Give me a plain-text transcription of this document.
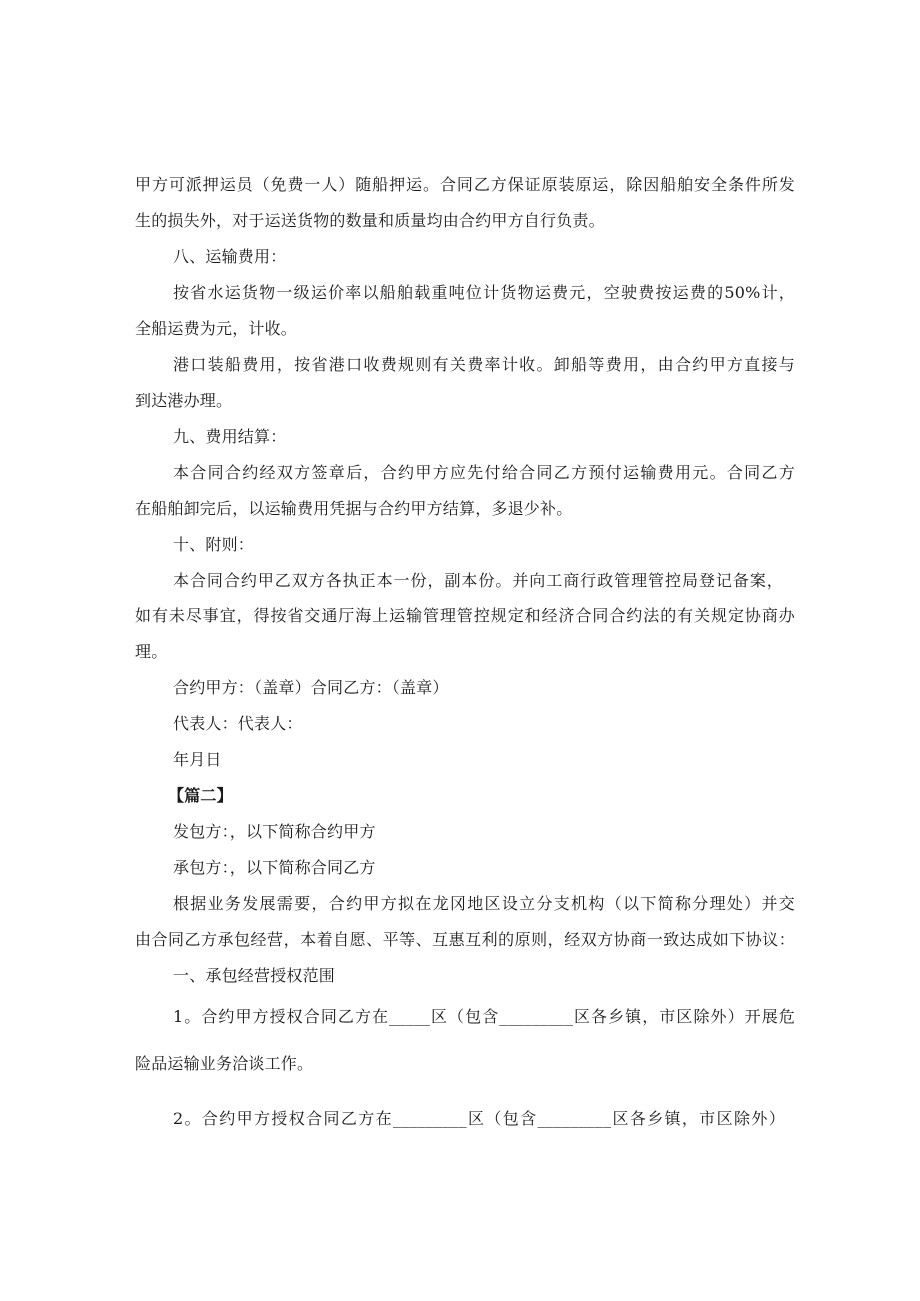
甲方可派押运员（免费一人）随船押运。合同乙方保证原装原运，除因船舶安全条件所发

生的损失外，对于运送货物的数量和质量均由合约甲方自行负责。

八、运输费用：

按省水运货物一级运价率以船舶载重吨位计货物运费元，空驶费按运费的50%计，

全船运费为元，计收。

港口装船费用，按省港口收费规则有关费率计收。卸船等费用，由合约甲方直接与

到达港办理。

九、费用结算：

本合同合约经双方签章后，合约甲方应先付给合同乙方预付运输费用元。合同乙方

在船舶卸完后，以运输费用凭据与合约甲方结算，多退少补。

十、附则：

本合同合约甲乙双方各执正本一份，副本份。并向工商行政管理管控局登记备案，

如有未尽事宜，得按省交通厅海上运输管理管控规定和经济合同合约法的有关规定协商办

理。

合约甲方：（盖章）合同乙方：（盖章）

代表人：代表人：

年月日

【篇二】

发包方：，以下简称合约甲方

承包方：，以下简称合同乙方

根据业务发展需要，合约甲方拟在龙冈地区设立分支机构（以下简称分理处）并交

由合同乙方承包经营，本着自愿、平等、互惠互利的原则，经双方协商一致达成如下协议：

一、承包经营授权范围

1。合约甲方授权合同乙方在_____区（包含_________区各乡镇，市区除外）开展危

险品运输业务洽谈工作。

2。合约甲方授权合同乙方在_________区（包含_________区各乡镇，市区除外）
